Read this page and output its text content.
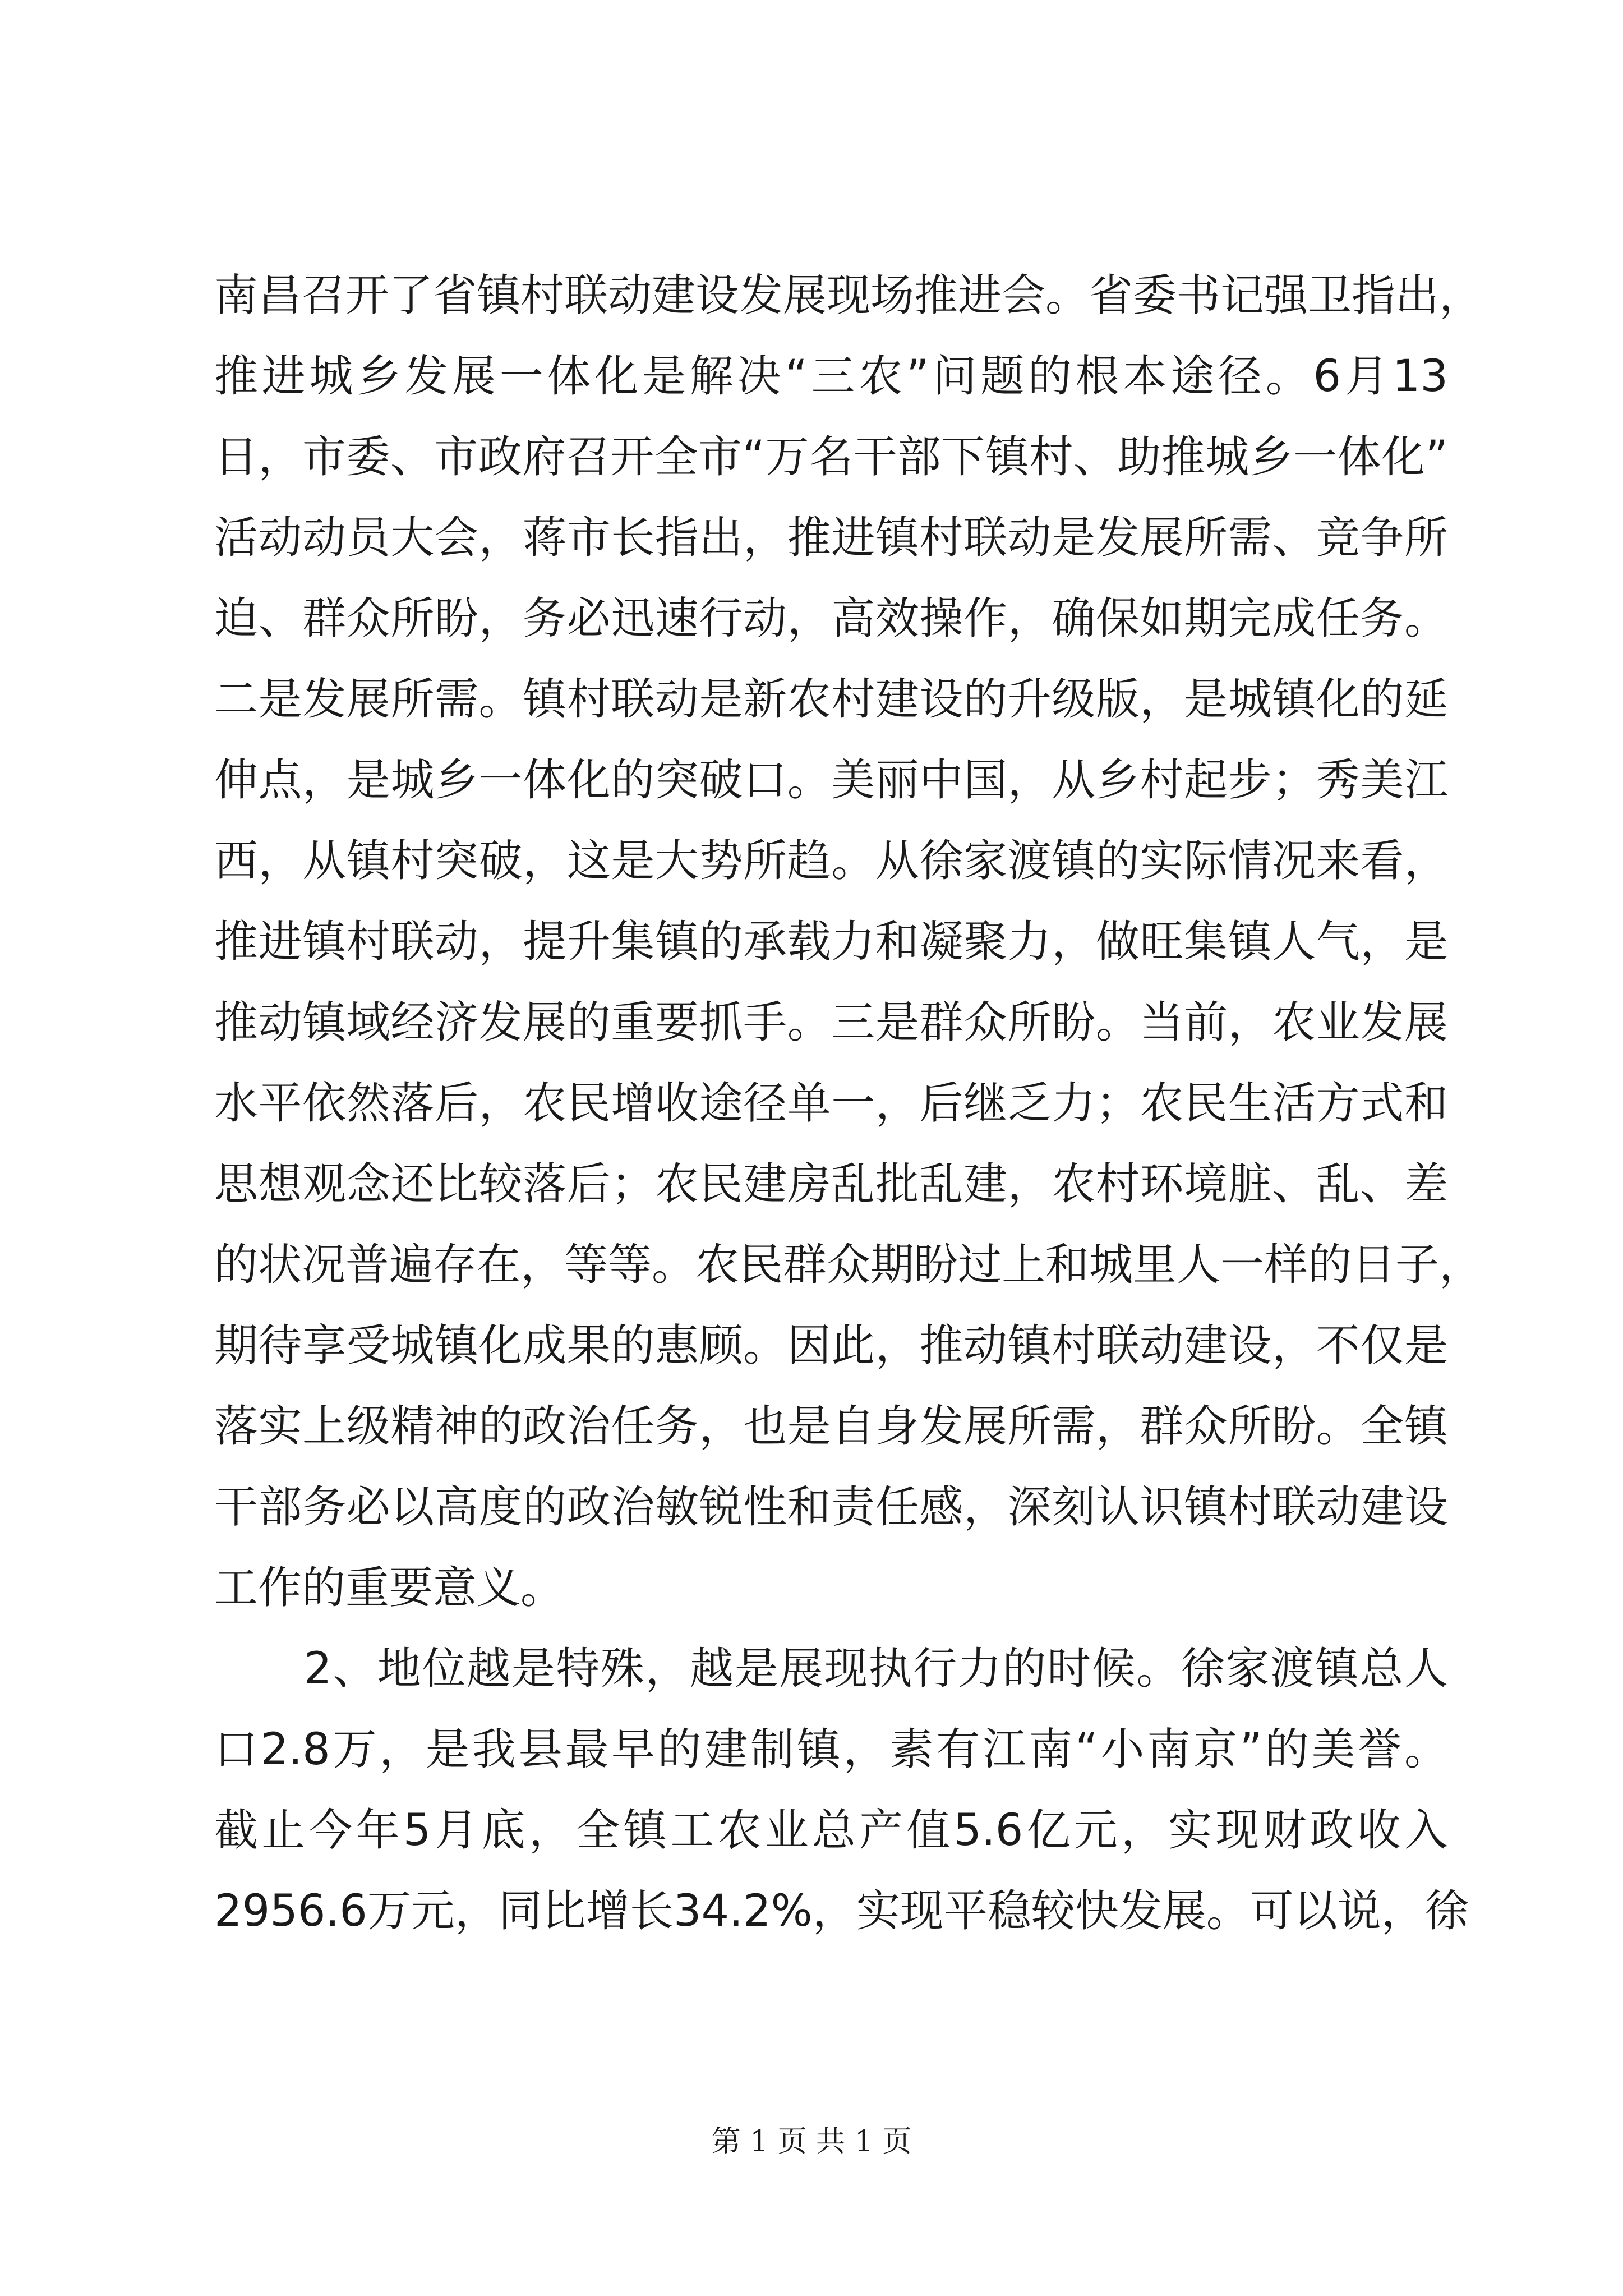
南昌召开了省镇村联动建设发展现场推进会。省委书记强卫指出，
推进城乡发展一体化是解决“三农”问题的根本途径。6月13
日，市委、市政府召开全市“万名干部下镇村、助推城乡一体化”
活动动员大会，蒋市长指出，推进镇村联动是发展所需、竞争所
迫、群众所盼，务必迅速行动，高效操作，确保如期完成任务。
二是发展所需。镇村联动是新农村建设的升级版，是城镇化的延
伸点，是城乡一体化的突破口。美丽中国，从乡村起步；秀美江
西，从镇村突破，这是大势所趋。从徐家渡镇的实际情况来看，
推进镇村联动，提升集镇的承载力和凝聚力，做旺集镇人气，是
推动镇域经济发展的重要抓手。三是群众所盼。当前，农业发展
水平依然落后，农民增收途径单一，后继乏力；农民生活方式和
思想观念还比较落后；农民建房乱批乱建，农村环境脏、乱、差
的状况普遍存在，等等。农民群众期盼过上和城里人一样的日子，
期待享受城镇化成果的惠顾。因此，推动镇村联动建设，不仅是
落实上级精神的政治任务，也是自身发展所需，群众所盼。全镇
干部务必以高度的政治敏锐性和责任感，深刻认识镇村联动建设
工作的重要意义。
2、地位越是特殊，越是展现执行力的时候。徐家渡镇总人
口2.8万，是我县最早的建制镇，素有江南“小南京”的美誉。
截止今年5月底，全镇工农业总产值5.6亿元，实现财政收入
2956.6万元，同比增长34.2%，实现平稳较快发展。可以说，徐
第 1 页 共 1 页
